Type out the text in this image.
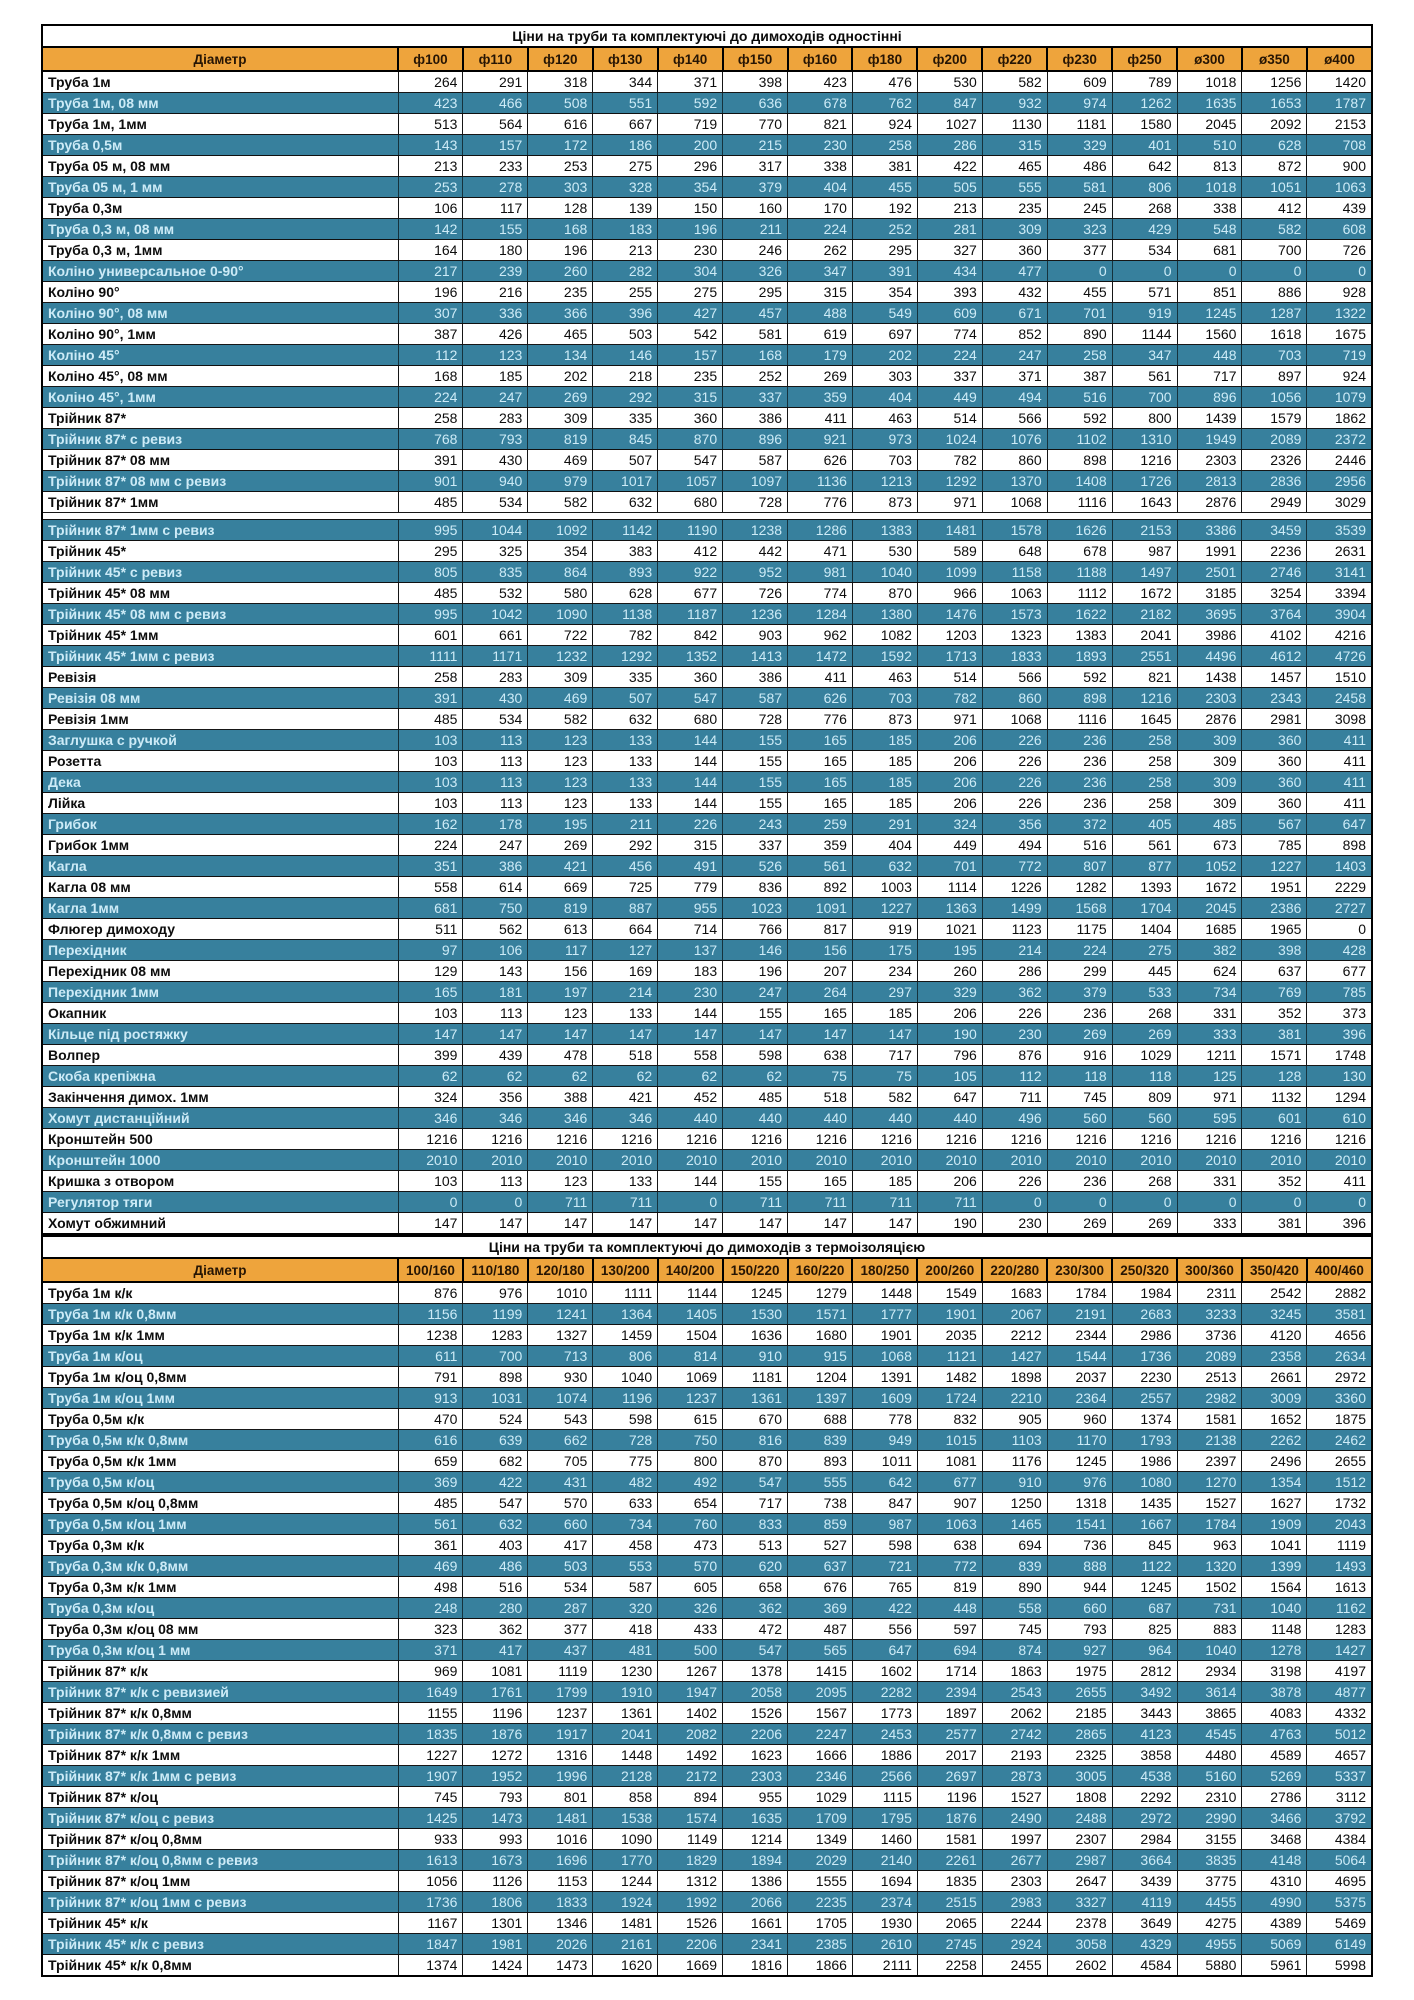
Ціни на труби та комплектуючі до димоходів одностінні															
Діаметр	ф100	ф110	ф120	ф130	ф140	ф150	ф160	ф180	ф200	ф220	ф230	ф250	ø300	ø350	ø400
Труба 1м	264	291	318	344	371	398	423	476	530	582	609	789	1018	1256	1420
Труба 1м, 08 мм	423	466	508	551	592	636	678	762	847	932	974	1262	1635	1653	1787
Труба 1м, 1мм	513	564	616	667	719	770	821	924	1027	1130	1181	1580	2045	2092	2153
Труба 0,5м	143	157	172	186	200	215	230	258	286	315	329	401	510	628	708
Труба 05 м, 08 мм	213	233	253	275	296	317	338	381	422	465	486	642	813	872	900
Труба 05 м, 1 мм	253	278	303	328	354	379	404	455	505	555	581	806	1018	1051	1063
Труба 0,3м	106	117	128	139	150	160	170	192	213	235	245	268	338	412	439
Труба 0,3 м, 08 мм	142	155	168	183	196	211	224	252	281	309	323	429	548	582	608
Труба 0,3 м, 1мм	164	180	196	213	230	246	262	295	327	360	377	534	681	700	726
Коліно универсальное 0-90°	217	239	260	282	304	326	347	391	434	477	0	0	0	0	0
Коліно 90°	196	216	235	255	275	295	315	354	393	432	455	571	851	886	928
Коліно 90°, 08 мм	307	336	366	396	427	457	488	549	609	671	701	919	1245	1287	1322
Коліно 90°, 1мм	387	426	465	503	542	581	619	697	774	852	890	1144	1560	1618	1675
Коліно 45°	112	123	134	146	157	168	179	202	224	247	258	347	448	703	719
Коліно 45°, 08 мм	168	185	202	218	235	252	269	303	337	371	387	561	717	897	924
Коліно 45°, 1мм	224	247	269	292	315	337	359	404	449	494	516	700	896	1056	1079
Трійник 87*	258	283	309	335	360	386	411	463	514	566	592	800	1439	1579	1862
Трійник 87* с ревиз	768	793	819	845	870	896	921	973	1024	1076	1102	1310	1949	2089	2372
Трійник 87* 08 мм	391	430	469	507	547	587	626	703	782	860	898	1216	2303	2326	2446
Трійник 87* 08 мм с ревиз	901	940	979	1017	1057	1097	1136	1213	1292	1370	1408	1726	2813	2836	2956
Трійник 87* 1мм	485	534	582	632	680	728	776	873	971	1068	1116	1643	2876	2949	3029

Трійник 87* 1мм с ревиз	995	1044	1092	1142	1190	1238	1286	1383	1481	1578	1626	2153	3386	3459	3539
Трійник 45*	295	325	354	383	412	442	471	530	589	648	678	987	1991	2236	2631
Трійник 45* с ревиз	805	835	864	893	922	952	981	1040	1099	1158	1188	1497	2501	2746	3141
Трійник 45* 08 мм	485	532	580	628	677	726	774	870	966	1063	1112	1672	3185	3254	3394
Трійник 45* 08 мм с ревиз	995	1042	1090	1138	1187	1236	1284	1380	1476	1573	1622	2182	3695	3764	3904
Трійник 45* 1мм	601	661	722	782	842	903	962	1082	1203	1323	1383	2041	3986	4102	4216
Трійник 45* 1мм с ревиз	1111	1171	1232	1292	1352	1413	1472	1592	1713	1833	1893	2551	4496	4612	4726
Ревізія	258	283	309	335	360	386	411	463	514	566	592	821	1438	1457	1510
Ревізія 08 мм	391	430	469	507	547	587	626	703	782	860	898	1216	2303	2343	2458
Ревізія 1мм	485	534	582	632	680	728	776	873	971	1068	1116	1645	2876	2981	3098
Заглушка с ручкой	103	113	123	133	144	155	165	185	206	226	236	258	309	360	411
Розетта	103	113	123	133	144	155	165	185	206	226	236	258	309	360	411
Дека	103	113	123	133	144	155	165	185	206	226	236	258	309	360	411
Лійка	103	113	123	133	144	155	165	185	206	226	236	258	309	360	411
Грибок	162	178	195	211	226	243	259	291	324	356	372	405	485	567	647
Грибок 1мм	224	247	269	292	315	337	359	404	449	494	516	561	673	785	898
Кагла	351	386	421	456	491	526	561	632	701	772	807	877	1052	1227	1403
Кагла 08 мм	558	614	669	725	779	836	892	1003	1114	1226	1282	1393	1672	1951	2229
Кагла 1мм	681	750	819	887	955	1023	1091	1227	1363	1499	1568	1704	2045	2386	2727
Флюгер димоходу	511	562	613	664	714	766	817	919	1021	1123	1175	1404	1685	1965	0
Перехідник	97	106	117	127	137	146	156	175	195	214	224	275	382	398	428
Перехідник 08 мм	129	143	156	169	183	196	207	234	260	286	299	445	624	637	677
Перехідник 1мм	165	181	197	214	230	247	264	297	329	362	379	533	734	769	785
Окапник	103	113	123	133	144	155	165	185	206	226	236	268	331	352	373
Кільце під ростяжку	147	147	147	147	147	147	147	147	190	230	269	269	333	381	396
Волпер	399	439	478	518	558	598	638	717	796	876	916	1029	1211	1571	1748
Скоба крепіжна	62	62	62	62	62	62	75	75	105	112	118	118	125	128	130
Закінчення димох. 1мм	324	356	388	421	452	485	518	582	647	711	745	809	971	1132	1294
Хомут дистанційний	346	346	346	346	440	440	440	440	440	496	560	560	595	601	610
Кронштейн 500	1216	1216	1216	1216	1216	1216	1216	1216	1216	1216	1216	1216	1216	1216	1216
Кронштейн 1000	2010	2010	2010	2010	2010	2010	2010	2010	2010	2010	2010	2010	2010	2010	2010
Кришка з отвором	103	113	123	133	144	155	165	185	206	226	236	268	331	352	411
Регулятор тяги	0	0	711	711	0	711	711	711	711	0	0	0	0	0	0
Хомут обжимний	147	147	147	147	147	147	147	147	190	230	269	269	333	381	396
Ціни на труби та комплектуючі до димоходів з термоізоляцією															
Діаметр	100/160	110/180	120/180	130/200	140/200	150/220	160/220	180/250	200/260	220/280	230/300	250/320	300/360	350/420	400/460
Труба 1м к/к	876	976	1010	1111	1144	1245	1279	1448	1549	1683	1784	1984	2311	2542	2882
Труба 1м к/к 0,8мм	1156	1199	1241	1364	1405	1530	1571	1777	1901	2067	2191	2683	3233	3245	3581
Труба 1м к/к 1мм	1238	1283	1327	1459	1504	1636	1680	1901	2035	2212	2344	2986	3736	4120	4656
Труба 1м к/оц	611	700	713	806	814	910	915	1068	1121	1427	1544	1736	2089	2358	2634
Труба 1м к/оц 0,8мм	791	898	930	1040	1069	1181	1204	1391	1482	1898	2037	2230	2513	2661	2972
Труба 1м к/оц 1мм	913	1031	1074	1196	1237	1361	1397	1609	1724	2210	2364	2557	2982	3009	3360
Труба 0,5м к/к	470	524	543	598	615	670	688	778	832	905	960	1374	1581	1652	1875
Труба 0,5м к/к 0,8мм	616	639	662	728	750	816	839	949	1015	1103	1170	1793	2138	2262	2462
Труба 0,5м к/к 1мм	659	682	705	775	800	870	893	1011	1081	1176	1245	1986	2397	2496	2655
Труба 0,5м к/оц	369	422	431	482	492	547	555	642	677	910	976	1080	1270	1354	1512
Труба 0,5м к/оц 0,8мм	485	547	570	633	654	717	738	847	907	1250	1318	1435	1527	1627	1732
Труба 0,5м к/оц 1мм	561	632	660	734	760	833	859	987	1063	1465	1541	1667	1784	1909	2043
Труба 0,3м к/к	361	403	417	458	473	513	527	598	638	694	736	845	963	1041	1119
Труба 0,3м к/к 0,8мм	469	486	503	553	570	620	637	721	772	839	888	1122	1320	1399	1493
Труба 0,3м к/к 1мм	498	516	534	587	605	658	676	765	819	890	944	1245	1502	1564	1613
Труба 0,3м к/оц	248	280	287	320	326	362	369	422	448	558	660	687	731	1040	1162
Труба 0,3м к/оц 08 мм	323	362	377	418	433	472	487	556	597	745	793	825	883	1148	1283
Труба 0,3м к/оц 1 мм	371	417	437	481	500	547	565	647	694	874	927	964	1040	1278	1427
Трійник 87* к/к	969	1081	1119	1230	1267	1378	1415	1602	1714	1863	1975	2812	2934	3198	4197
Трійник 87* к/к с ревизией	1649	1761	1799	1910	1947	2058	2095	2282	2394	2543	2655	3492	3614	3878	4877
Трійник 87* к/к 0,8мм	1155	1196	1237	1361	1402	1526	1567	1773	1897	2062	2185	3443	3865	4083	4332
Трійник 87* к/к 0,8мм с ревиз	1835	1876	1917	2041	2082	2206	2247	2453	2577	2742	2865	4123	4545	4763	5012
Трійник 87* к/к 1мм	1227	1272	1316	1448	1492	1623	1666	1886	2017	2193	2325	3858	4480	4589	4657
Трійник 87* к/к 1мм с ревиз	1907	1952	1996	2128	2172	2303	2346	2566	2697	2873	3005	4538	5160	5269	5337
Трійник 87* к/оц	745	793	801	858	894	955	1029	1115	1196	1527	1808	2292	2310	2786	3112
Трійник 87* к/оц с ревиз	1425	1473	1481	1538	1574	1635	1709	1795	1876	2490	2488	2972	2990	3466	3792
Трійник 87* к/оц 0,8мм	933	993	1016	1090	1149	1214	1349	1460	1581	1997	2307	2984	3155	3468	4384
Трійник 87* к/оц 0,8мм с ревиз	1613	1673	1696	1770	1829	1894	2029	2140	2261	2677	2987	3664	3835	4148	5064
Трійник 87* к/оц 1мм	1056	1126	1153	1244	1312	1386	1555	1694	1835	2303	2647	3439	3775	4310	4695
Трійник 87* к/оц 1мм с ревиз	1736	1806	1833	1924	1992	2066	2235	2374	2515	2983	3327	4119	4455	4990	5375
Трійник 45* к/к	1167	1301	1346	1481	1526	1661	1705	1930	2065	2244	2378	3649	4275	4389	5469
Трійник 45* к/к с ревиз	1847	1981	2026	2161	2206	2341	2385	2610	2745	2924	3058	4329	4955	5069	6149
Трійник 45* к/к 0,8мм	1374	1424	1473	1620	1669	1816	1866	2111	2258	2455	2602	4584	5880	5961	5998
